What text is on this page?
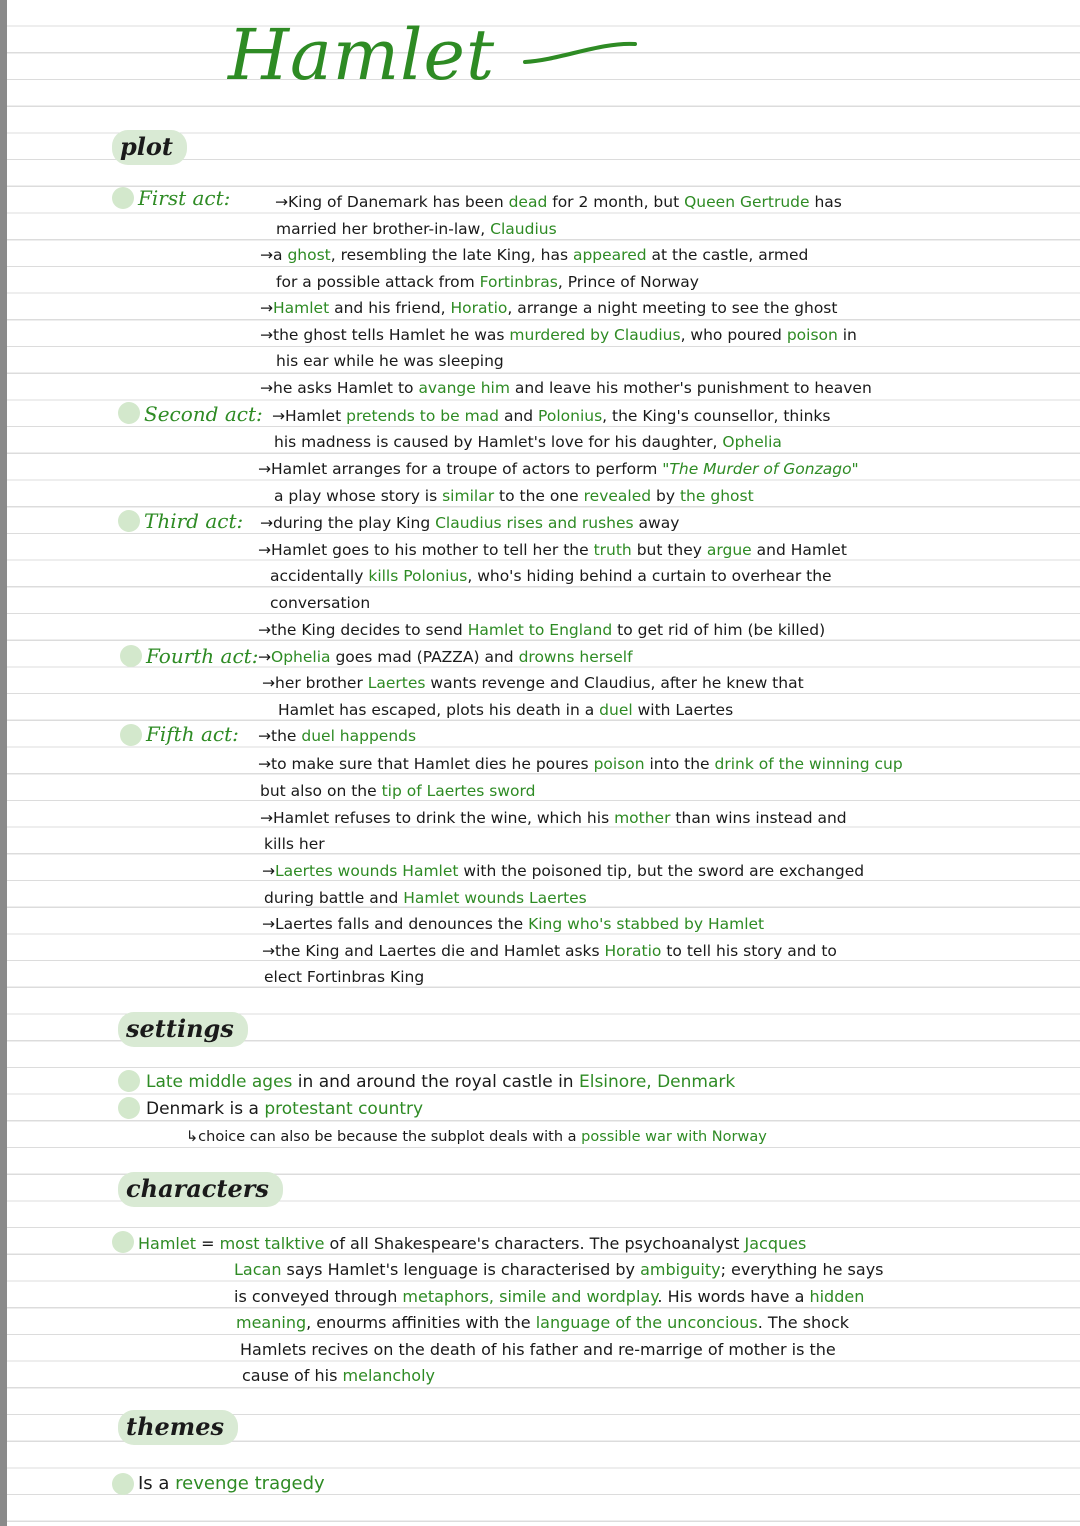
Hamlet
plot
First act:	→King of Danemark has been dead for 2 month, but Queen Gertrude has
married her brother-in-law, Claudius
→a ghost, resembling the late King, has appeared at the castle, armed
for a possible attack from Fortinbras, Prince of Norway
→Hamlet and his friend, Horatio, arrange a night meeting to see the ghost
→the ghost tells Hamlet he was murdered by Claudius, who poured poison in
his ear while he was sleeping
→he asks Hamlet to avange him and leave his mother's punishment to heaven
Second act: →Hamlet pretends to be mad and Polonius, the King's counsellor, thinks
his madness is caused by Hamlet's love for his daughter, Ophelia
→Hamlet arranges for a troupe of actors to perform "The Murder of Gonzago"
a play whose story is similar to the one revealed by the ghost
Third act: →during the play King Claudius rises and rushes away
→Hamlet goes to his mother to tell her the truth but they argue and Hamlet
accidentally kills Polonius, who's hiding behind a curtain to overhear the
conversation
→the King decides to send Hamlet to England to get rid of him (be killed)
Fourth act: →Ophelia goes mad (PAZZA) and drowns herself
→her brother Laertes wants revenge and Claudius, after he knew that
Hamlet has escaped, plots his death in a duel with Laertes
Fifth act: →the duel happends
→to make sure that Hamlet dies he poures poison into the drink of the winning cup
but also on the tip of Laertes sword
→Hamlet refuses to drink the wine, which his mother than wins instead and
kills her
→Laertes wounds Hamlet with the poisoned tip, but the sword are exchanged
during battle and Hamlet wounds Laertes
→Laertes falls and denounces the King who's stabbed by Hamlet
→the King and Laertes die and Hamlet asks Horatio to tell his story and to
elect Fortinbras King
settings
Late middle ages in and around the royal castle in Elsinore, Denmark
Denmark is a protestant country
↳choice can also be because the subplot deals with a possible war with Norway
characters
Hamlet = most talktive of all Shakespeare's characters. The psychoanalyst Jacques
Lacan says Hamlet's lenguage is characterised by ambiguity; everything he says
is conveyed through metaphors, simile and wordplay. His words have a hidden
meaning, enourms affinities with the language of the unconcious. The shock
Hamlets recives on the death of his father and re-marrige of mother is the
cause of his melancholy
themes
Is a revenge tragedy
